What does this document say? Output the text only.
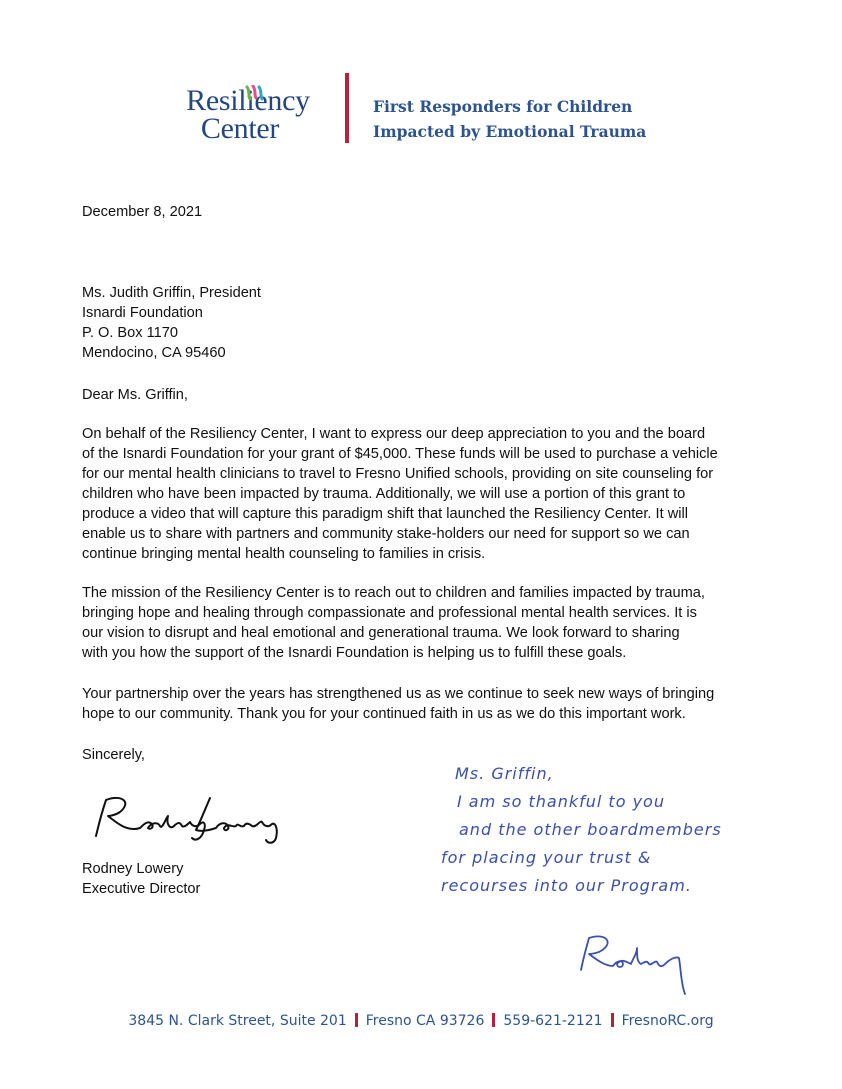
Resiliency
Center
First Responders for Children
Impacted by Emotional Trauma
December 8, 2021
Ms. Judith Griffin, President
Isnardi Foundation
P. O. Box 1170
Mendocino, CA 95460
Dear Ms. Griffin,
On behalf of the Resiliency Center, I want to express our deep appreciation to you and the board
of the Isnardi Foundation for your grant of $45,000. These funds will be used to purchase a vehicle
for our mental health clinicians to travel to Fresno Unified schools, providing on site counseling for
children who have been impacted by trauma. Additionally, we will use a portion of this grant to
produce a video that will capture this paradigm shift that launched the Resiliency Center. It will
enable us to share with partners and community stake-holders our need for support so we can
continue bringing mental health counseling to families in crisis.
The mission of the Resiliency Center is to reach out to children and families impacted by trauma,
bringing hope and healing through compassionate and professional mental health services. It is
our vision to disrupt and heal emotional and generational trauma. We look forward to sharing
with you how the support of the Isnardi Foundation is helping us to fulfill these goals.
Your partnership over the years has strengthened us as we continue to seek new ways of bringing
hope to our community. Thank you for your continued faith in us as we do this important work.
Sincerely,
Rodney Lowery
Executive Director
Ms. Griffin,
I am so thankful to you
and the other boardmembers
for placing your trust &
recourses into our Program.
3845 N. Clark Street, Suite 201 Fresno CA 93726 559-621-2121 FresnoRC.org
